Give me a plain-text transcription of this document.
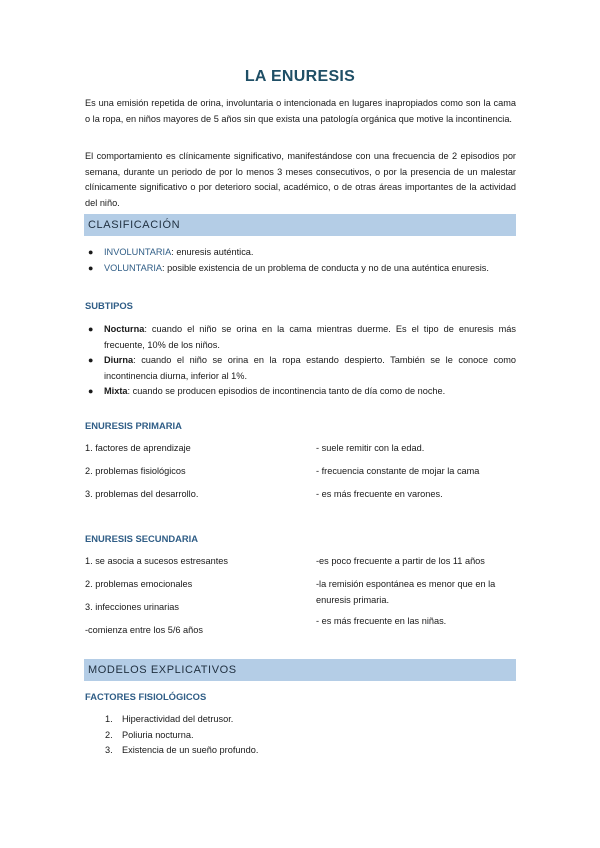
LA ENURESIS

Es una emisión repetida de orina, involuntaria o intencionada en lugares inapropiados como son la cama o la ropa, en niños mayores de 5 años sin que exista una patología orgánica que motive la incontinencia.

El comportamiento es clínicamente significativo, manifestándose con una frecuencia de 2 episodios por semana, durante un periodo de por lo menos 3 meses consecutivos, o por la presencia de un malestar clínicamente significativo o por deterioro social, académico, o de otras áreas importantes de la actividad del niño.

CLASIFICACIÓN
● INVOLUNTARIA: enuresis auténtica.
● VOLUNTARIA: posible existencia de un problema de conducta y no de una auténtica enuresis.
SUBTIPOS
● Nocturna: cuando el niño se orina en la cama mientras duerme. Es el tipo de enuresis más frecuente, 10% de los niños.
● Diurna: cuando el niño se orina en la ropa estando despierto. También se le conoce como incontinencia diurna, inferior al 1%.
● Mixta: cuando se producen episodios de incontinencia tanto de día como de noche.
ENURESIS PRIMARIA
1. factores de aprendizaje
2. problemas fisiológicos
3. problemas del desarrollo.
- suele remitir con la edad.
- frecuencia constante de mojar la cama
- es más frecuente en varones.
ENURESIS SECUNDARIA
1. se asocia a sucesos estresantes
2. problemas emocionales
3. infecciones urinarias
-comienza entre los 5/6 años
-es poco frecuente a partir de los 11 años
-la remisión espontánea es menor que en la enuresis primaria.
- es más frecuente en las niñas.
MODELOS EXPLICATIVOS
FACTORES FISIOLÓGICOS
1. Hiperactividad del detrusor.
2. Poliuria nocturna.
3. Existencia de un sueño profundo.
